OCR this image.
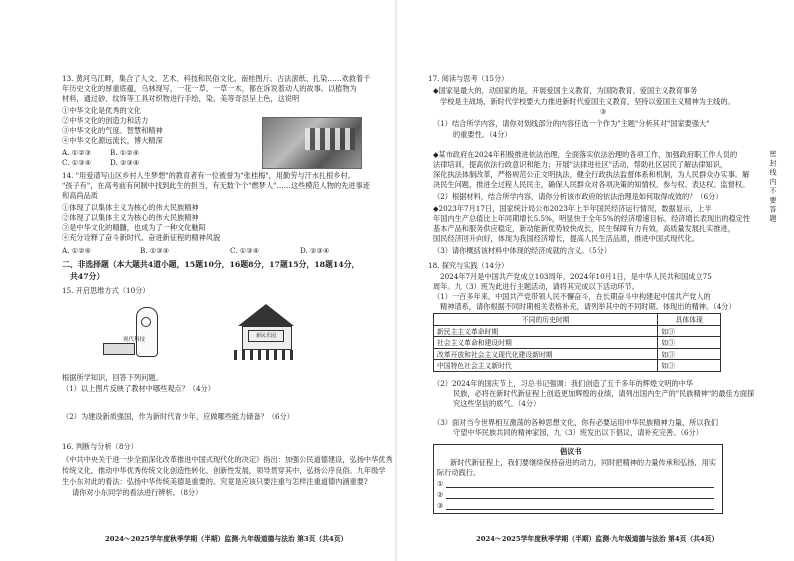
13. 黄河乌江畔，集合了人文、艺术、科技和民俗文化，南桂图斤、古法滚纸、扎染……欢救着千
年历史文化的厚重底蕴，乌林现写，一花一草、一草一木，都在诉说着动人的故事。以植物为
材料，通过砂、纹饰等工具对织物进行手绘，染、美等奇层呈上色，这说明
①中华文化是优秀的文化
②中华文化的创造力和活力
③中华文化的气度、智慧和精神
④中华文化源远流长，博大精深
A. ①②③	B. ①②④
C. ①③④	D. ②③④
14. "用爱谱写山区乡村人生梦想"的教育者有一位被誉为"张桂梅"，用勤劳与汗水扎根乡村。
"孩子有"，在高考前有何制中找到此生的担当，有无数个个"燃梦人"……这些模范人物的先进事迹
和高尚品质
①体现了以集体主义为核心的伟大民族精神
②体现了以集体主义为核心的伟大民族精神
③是中华文化的精髓，也成为了一种文化魅阳
④充分诠释了奋斗新时代、奋进新征程的精神风貌
A. ①②④	B. ①③④	C. ①③④	D. ②③④
二、非选择题（本大题共4道小题，15题10分，16题8分，17题15分，18题14分，
共47分）
15. 开启思维方式（10分）
现代科技
新民乐园
根据所学知识，回答下列问题。
（1）以上图片反映了教材中哪些观点？（4分）
（2）为建设新质强国，作为新时代青少年，应做哪些能力储备？（6分）
16. 判断与分析（8分）
《中共中央关于进一步全面深化改革推进中国式现代化的决定》指出：加强公民道德建设，弘扬中华优秀
传统文化，推动中华优秀传统文化创造性转化、创新性发展，领导贯穿其中，弘扬公序良俗。九年级学
生小东对此的看法：弘扬中华传统美德是重要的。究竟是应该只要注重与怎样注重道德内涵重要?
请你对小东同学的看法进行辨析。（8分）
2024～2025学年度秋季学期（半期）监测·九年级道德与法治 第3页（共4页）
17. 阅读与思考（15分）
◆国家是最大的，动国家的是，开展爱国主义教育，为国防教育，爱国主义教育事务
学校是主战场，新时代学校要大力推进新时代爱国主义教育，坚持以爱国主义精神为主线的。
③
（1）结合所学内容，请你对划线部分的内容任选一个作为"主题"分析其对"国家要强大"
的重要性。（4分）
◆某市政府在2024年积极推进依法治理，全面落实依法治理的各项工作，加强政府职工作人员的
法律培训，提高依法行政意识和能力；开展"法律进社区"活动，帮助社区居民了解法律知识，
深化执法体制改革，严格规范公正文明执法，健全行政执法监督体系和机制，为人民群众办实事。解
决民生问题，推进全过程人民民主，确保人民群众对各项决策的知情权、参与权、表达权、监督权。
（2）根据材料，结合所学内容，请你分析该市政府的依法治理是如何取得成效的？（6分）
◆2023年7月17日，国家统计局公布2023年上半年国民经济运行情况，数据显示，上半
年国内生产总值比上年同期增长5.5%，明显快于全年5%的经济增速目标，经济增长表现出的稳定性
基本产品和服务供应稳定，新动能新优势较快成长，民生保障有力有效，高质量发展扎实推进，
国民经济回升向好，体现为我国经济增长，提高人民生活品质，推进中国式现代化。
（3）请你概括该材料中体现的经济成就的含义。（5分）
18. 探究与实践（14分）
2024年7月是中国共产党成立103周年，2024年10月1日，是中华人民共和国成立75
周年。九（3）班为此进行主题活动，请将其完成以下活动环节。
（1）一百多年来，中国共产党带领人民不懈奋斗，在长期奋斗中构建起中国共产党人的
精神谱系，请你根据不同时期相关表格补充，请列举其中的不同时期、体现出的精神。（4分）
不同的历史时期	具体体现
新民主主义革命时期	如③
社会主义革命和建设时期	如③
改革开放和社会主义现代化建设新时期	如③
中国特色社会主义新时代	如③
（2）2024年的国庆节上，习总书记强调：我们创造了五千多年的辉煌文明的中华
民族，必将在新时代新征程上创造更加辉煌的业绩，请列出国内生产的"民族精神"的最佳方面探
究这些坚信的底气。（4分）
（3）面对当今世界相互激荡的各种思想文化，你有必要运用中华民族精神力量，所以我们
守望中华民族共同的精神家园，九（3）班发出以下倡议，请补充完善。（6分）
倡议书
新时代新征程上，我们要继续保持奋进的动力，同时把精神的力量传承和弘扬，用实
际行动践行。
①
②
③
2024～2025学年度秋季学期（半期）监测·九年级道德与法治 第4页（共4页）
密 封 线 内 不 要 答 题
